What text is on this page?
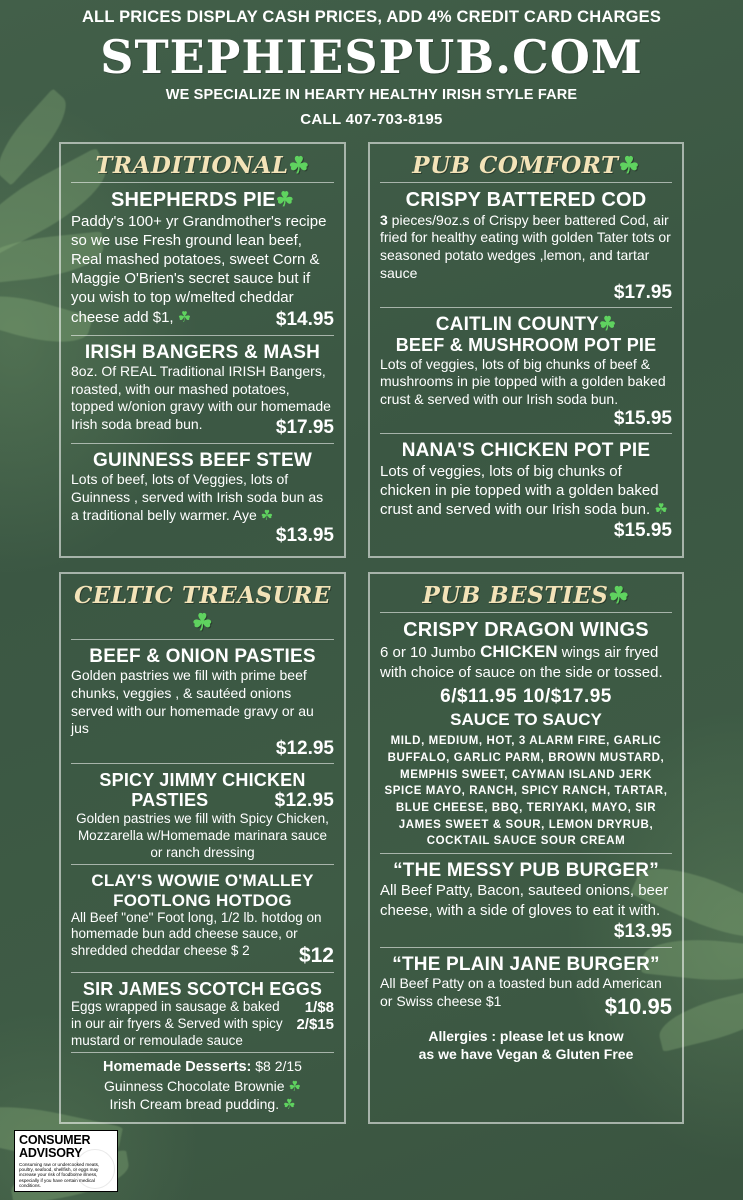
ALL PRICES DISPLAY CASH PRICES, ADD 4% CREDIT CARD CHARGES
STEPHIESPUB.COM
WE SPECIALIZE IN HEARTY HEALTHY IRISH STYLE FARE
CALL 407-703-8195
TRADITIONAL☘
SHEPHERDS PIE☘
Paddy's 100+ yr Grandmother's recipe so we use Fresh ground lean beef, Real mashed potatoes, sweet Corn & Maggie O'Brien's secret sauce but if you wish to top w/melted cheddar cheese add $1, ☘	$14.95
IRISH BANGERS & MASH
8oz. Of REAL Traditional IRISH Bangers, roasted, with our mashed potatoes, topped w/onion gravy with our homemade Irish soda bread bun.	$17.95
GUINNESS BEEF STEW
Lots of beef, lots of Veggies, lots of Guinness , served with Irish soda bun as a traditional belly warmer. Aye ☘
$13.95
PUB COMFORT☘
CRISPY BATTERED COD
3 pieces/9oz.s of Crispy beer battered Cod, air fried for healthy eating with golden Tater tots or seasoned potato wedges ,lemon, and tartar sauce
$17.95
CAITLIN COUNTY☘
BEEF & MUSHROOM POT PIE
Lots of veggies, lots of big chunks of beef & mushrooms in pie topped with a golden baked crust & served with our Irish soda bun.
$15.95
NANA'S CHICKEN POT PIE
Lots of veggies, lots of big chunks of chicken in pie topped with a golden baked crust and served with our Irish soda bun. ☘
$15.95
CELTIC TREASURE☘
BEEF & ONION PASTIES
Golden pastries we fill with prime beef chunks, veggies , & sautéed onions served with our homemade gravy or au jus
$12.95
SPICY JIMMY CHICKEN
PASTIES	$12.95
Golden pastries we fill with Spicy Chicken, Mozzarella w/Homemade marinara sauce or ranch dressing
CLAY'S WOWIE O'MALLEY
FOOTLONG HOTDOG
All Beef "one" Foot long, 1/2 lb. hotdog on homemade bun add cheese sauce, or shredded cheddar cheese $ 2 $12
SIR JAMES SCOTCH EGGS
1/$8
2/$15
Eggs wrapped in sausage & baked in our air fryers & Served with spicy mustard or remoulade sauce
Homemade Desserts: $8 2/15
Guinness Chocolate Brownie ☘
Irish Cream bread pudding. ☘
PUB BESTIES☘
CRISPY DRAGON WINGS
6 or 10 Jumbo CHICKEN wings air fryed with choice of sauce on the side or tossed.
6/$11.95 10/$17.95
SAUCE TO SAUCY
MILD, MEDIUM, HOT, 3 ALARM FIRE, GARLIC BUFFALO, GARLIC PARM, BROWN MUSTARD, MEMPHIS SWEET, CAYMAN ISLAND JERK SPICE MAYO, RANCH, SPICY RANCH, TARTAR, BLUE CHEESE, BBQ, TERIYAKI, MAYO, SIR JAMES SWEET & SOUR, LEMON DRYRUB, COCKTAIL SAUCE SOUR CREAM
“THE MESSY PUB BURGER”
All Beef Patty, Bacon, sauteed onions, beer cheese, with a side of gloves to eat it with.
$13.95
“THE PLAIN JANE BURGER”
All Beef Patty on a toasted bun add American or Swiss cheese $1	$10.95
Allergies : please let us know
as we have Vegan & Gluten Free
CONSUMER ADVISORY
Consuming raw or undercooked meats, poultry, seafood, shellfish, or eggs may increase your risk of foodborne illness, especially if you have certain medical conditions.
